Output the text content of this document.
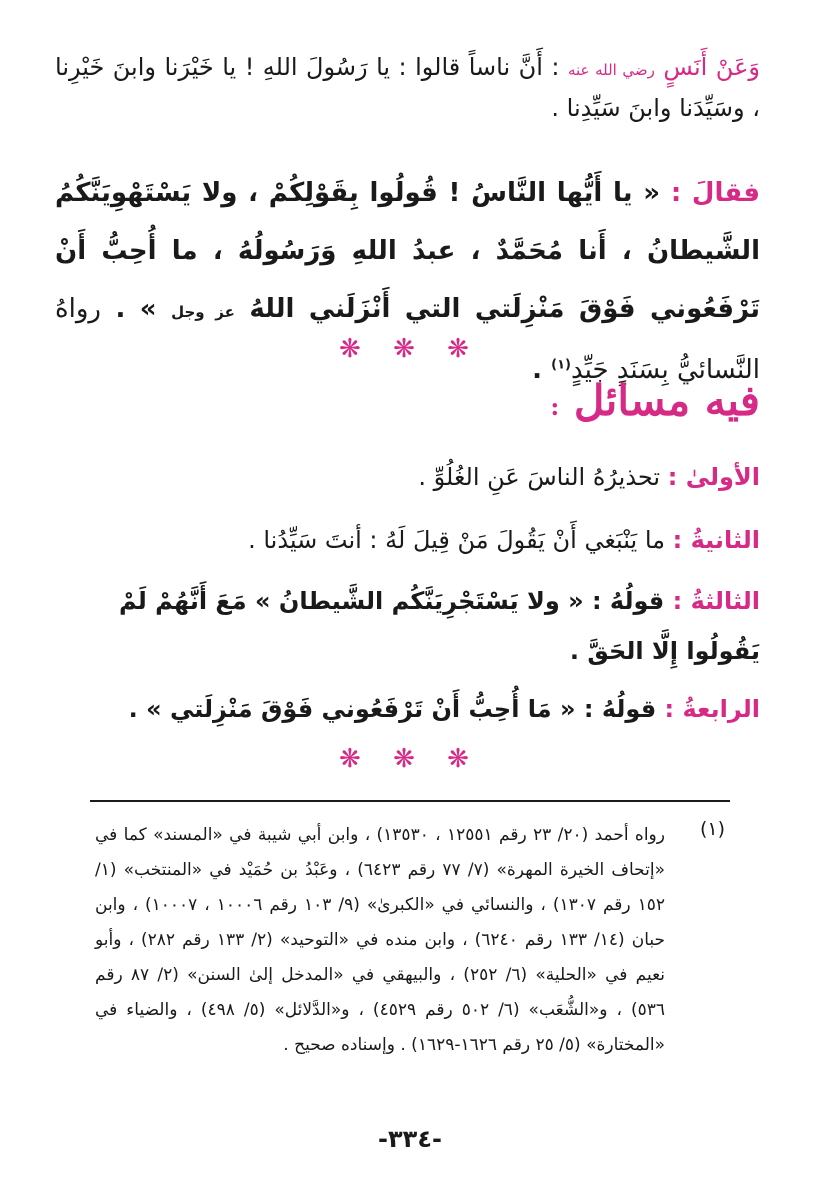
وَعَنْ أَنَسٍ رضي الله عنه : أَنَّ ناساً قالوا : يا رَسُولَ اللهِ ! يا خَيْرَنا وابنَ خَيْرِنا ، وسَيِّدَنا وابنَ سَيِّدِنا .

فقالَ : « يا أَيُّها النَّاسُ ! قُولُوا بِقَوْلِكُمْ ، ولا يَسْتَهْوِيَنَّكُمُ الشَّيطانُ ، أَنا مُحَمَّدٌ ، عبدُ اللهِ وَرَسُولُهُ ، ما أُحِبُّ أَنْ تَرْفَعُوني فَوْقَ مَنْزِلَتي التي أَنْزَلَني اللهُ عز وجل » . رواهُ النَّسائيُّ بِسَنَدٍ جَيِّدٍ$^{(١)}$ .

❋ ❋ ❋
فيه مسائل :
الأولىٰ : تحذيرُهُ الناسَ عَنِ الغُلُوِّ .
الثانيةُ : ما يَنْبَغي أَنْ يَقُولَ مَنْ قِيلَ لَهُ : أنتَ سَيِّدُنا .
الثالثةُ : قولُهُ : « ولا يَسْتَجْرِيَنَّكُم الشَّيطانُ » مَعَ أَنَّهُمْ لَمْ يَقُولُوا إِلَّا الحَقَّ .
الرابعةُ : قولُهُ : « مَا أُحِبُّ أَنْ تَرْفَعُوني فَوْقَ مَنْزِلَتي » .
❋ ❋ ❋
(١)
رواه أحمد (٢٠/ ٢٣ رقم ١٢٥٥١ ، ١٣٥٣٠) ، وابن أبي شيبة في «المسند» كما في «إتحاف الخيرة المهرة» (٧/ ٧٧ رقم ٦٤٢٣) ، وعَبْدُ بن حُمَيْد في «المنتخب» (١/ ١٥٢ رقم ١٣٠٧) ، والنسائي في «الكبرىٰ» (٩/ ١٠٣ رقم ١٠٠٠٦ ، ١٠٠٠٧) ، وابن حبان (١٤/ ١٣٣ رقم ٦٢٤٠) ، وابن منده في «التوحيد» (٢/ ١٣٣ رقم ٢٨٢) ، وأبو نعيم في «الحلية» (٦/ ٢٥٢) ، والبيهقي في «المدخل إلىٰ السنن» (٢/ ٨٧ رقم ٥٣٦) ، و«الشُّعَب» (٦/ ٥٠٢ رقم ٤٥٢٩) ، و«الدَّلائل» (٥/ ٤٩٨) ، والضياء في «المختارة» (٥/ ٢٥ رقم ١٦٢٦-١٦٢٩) . وإسناده صحيح .
-٣٣٤-
